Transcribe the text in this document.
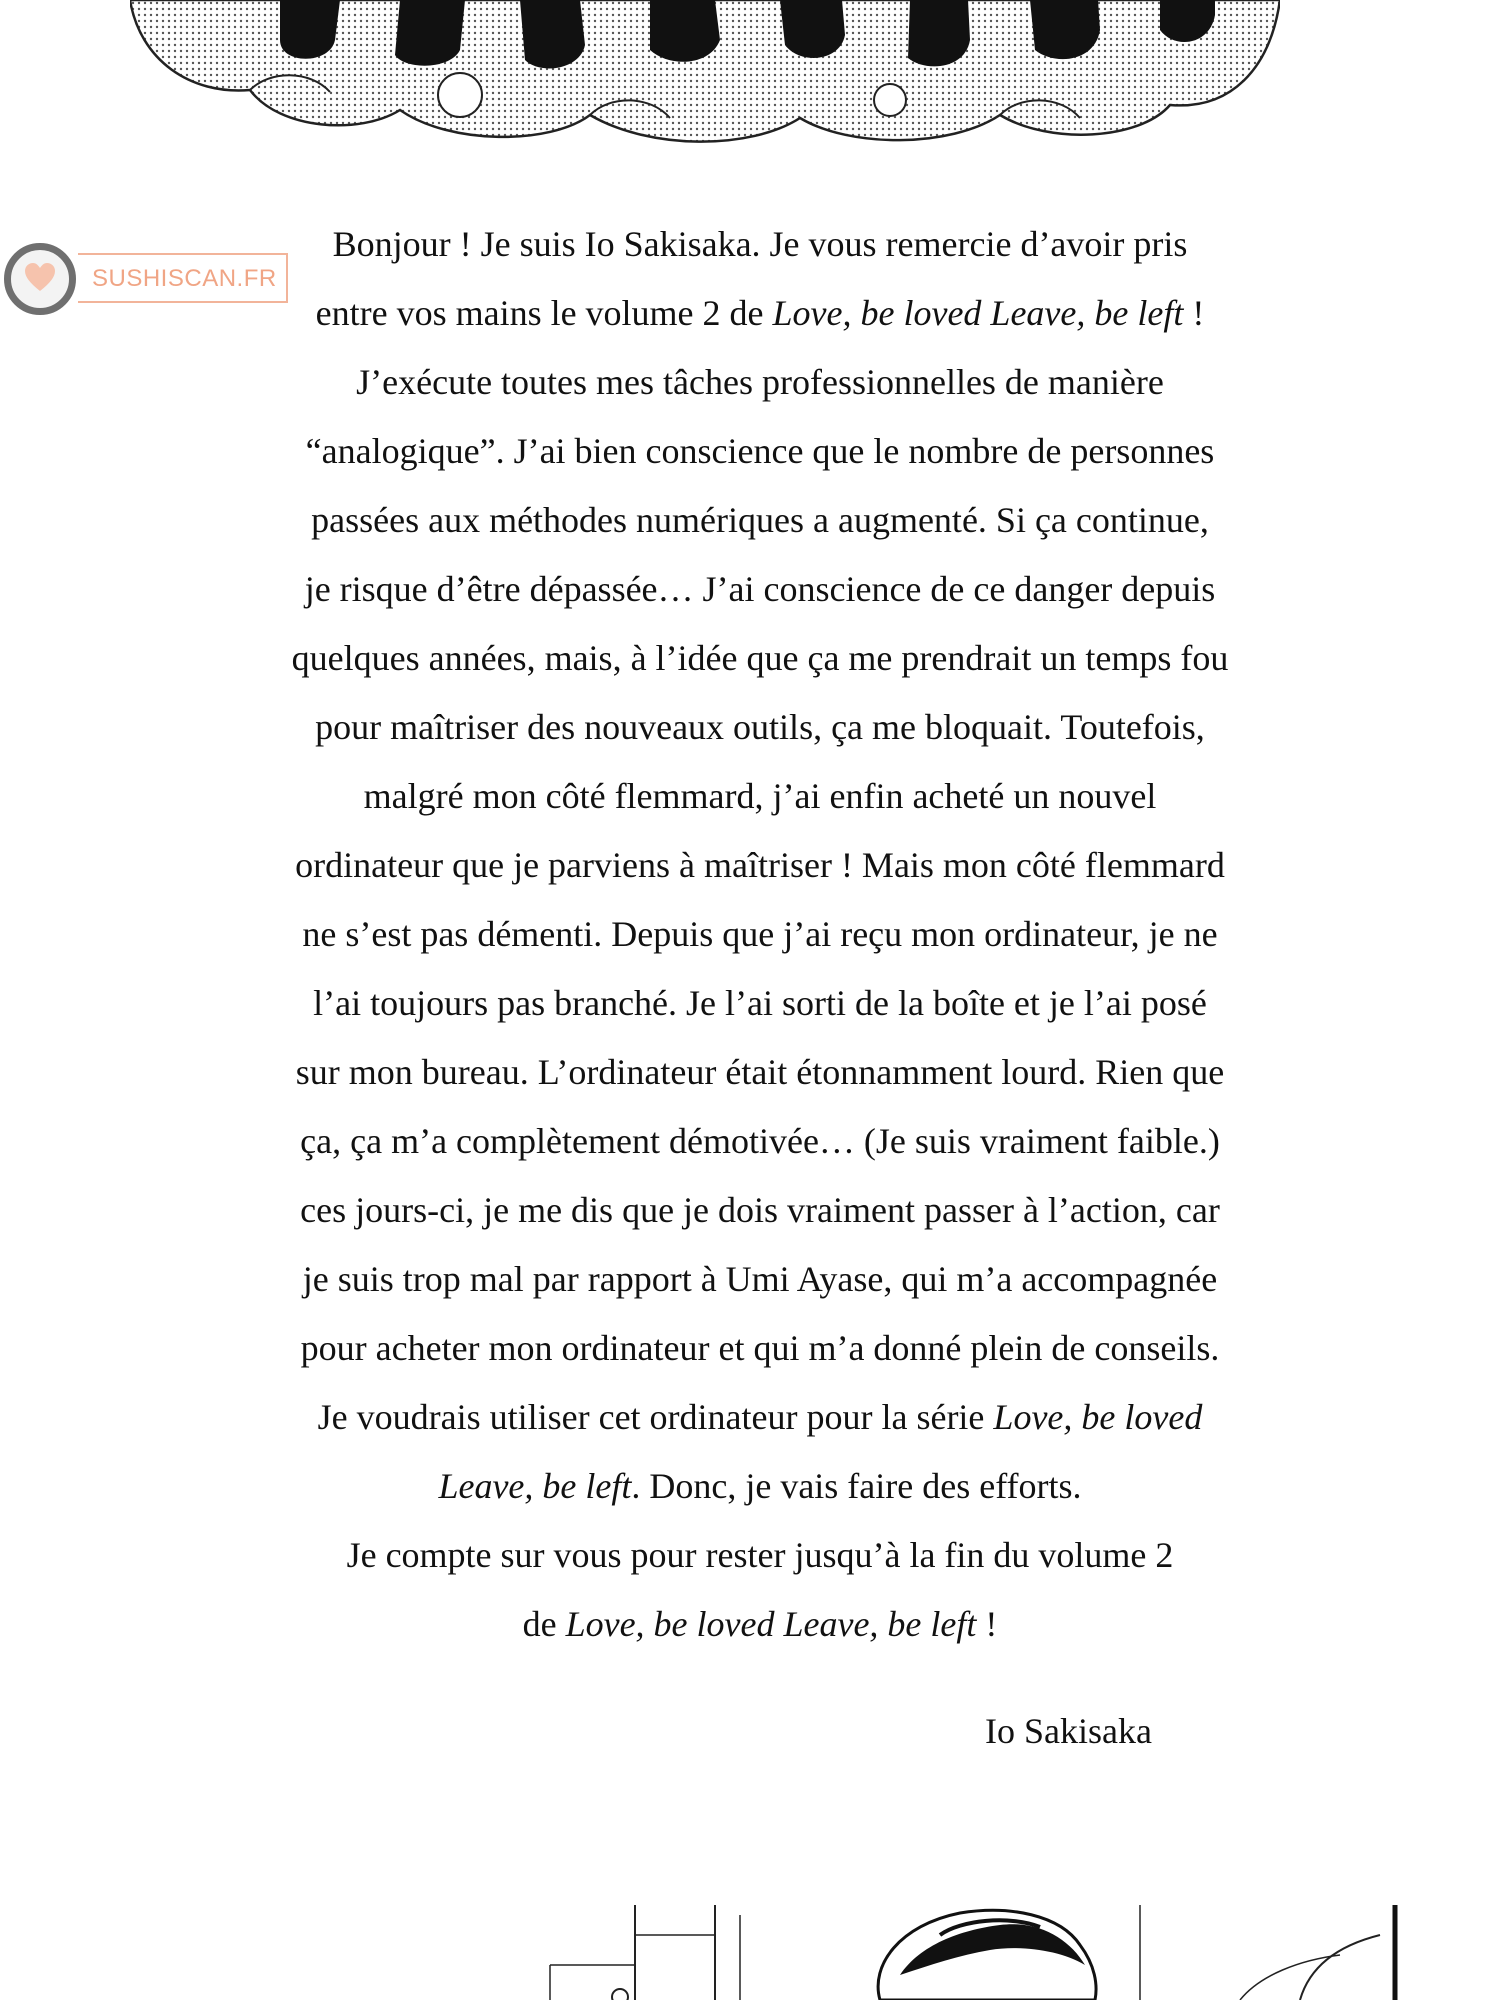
SUSHISCAN.FR
Bonjour ! Je suis Io Sakisaka. Je vous remercie d’avoir pris
entre vos mains le volume 2 de Love, be loved Leave, be left !
J’exécute toutes mes tâches professionnelles de manière
“analogique”. J’ai bien conscience que le nombre de personnes
passées aux méthodes numériques a augmenté. Si ça continue,
je risque d’être dépassée… J’ai conscience de ce danger depuis
quelques années, mais, à l’idée que ça me prendrait un temps fou
pour maîtriser des nouveaux outils, ça me bloquait. Toutefois,
malgré mon côté flemmard, j’ai enfin acheté un nouvel
ordinateur que je parviens à maîtriser ! Mais mon côté flemmard
ne s’est pas démenti. Depuis que j’ai reçu mon ordinateur, je ne
l’ai toujours pas branché. Je l’ai sorti de la boîte et je l’ai posé
sur mon bureau. L’ordinateur était étonnamment lourd. Rien que
ça, ça m’a complètement démotivée… (Je suis vraiment faible.)
ces jours-ci, je me dis que je dois vraiment passer à l’action, car
je suis trop mal par rapport à Umi Ayase, qui m’a accompagnée
pour acheter mon ordinateur et qui m’a donné plein de conseils.
Je voudrais utiliser cet ordinateur pour la série Love, be loved
Leave, be left. Donc, je vais faire des efforts.
Je compte sur vous pour rester jusqu’à la fin du volume 2
de Love, be loved Leave, be left !
Io Sakisaka
